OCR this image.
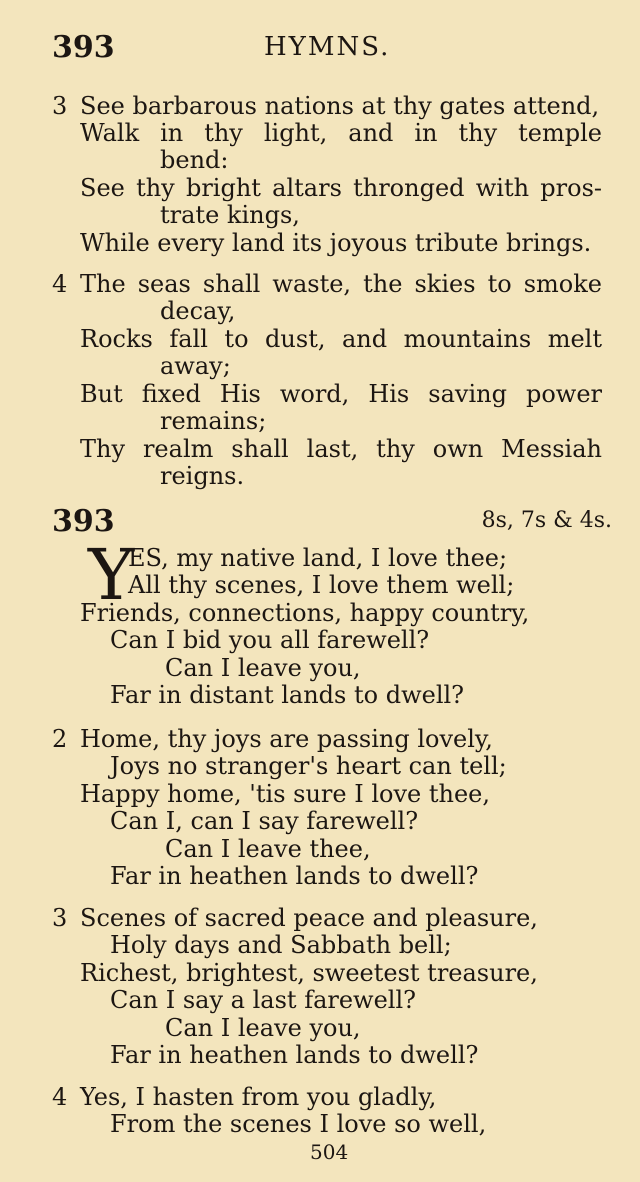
393	HYMNS.
3 See barbarous nations at thy gates attend,
Walk in thy light, and in thy temple
bend:
See thy bright altars thronged with pros-
trate kings,
While every land its joyous tribute brings.
4 The seas shall waste, the skies to smoke
decay,
Rocks fall to dust, and mountains melt
away;
But fixed His word, His saving power
remains;
Thy realm shall last, thy own Messiah
reigns.
393	8s, 7s & 4s.
Y
ES, my native land, I love thee;
All thy scenes, I love them well;
Friends, connections, happy country,
Can I bid you all farewell?
Can I leave you,
Far in distant lands to dwell?
2 Home, thy joys are passing lovely,
Joys no stranger's heart can tell;
Happy home, 'tis sure I love thee,
Can I, can I say farewell?
Can I leave thee,
Far in heathen lands to dwell?
3 Scenes of sacred peace and pleasure,
Holy days and Sabbath bell;
Richest, brightest, sweetest treasure,
Can I say a last farewell?
Can I leave you,
Far in heathen lands to dwell?
4 Yes, I hasten from you gladly,
From the scenes I love so well,
504
